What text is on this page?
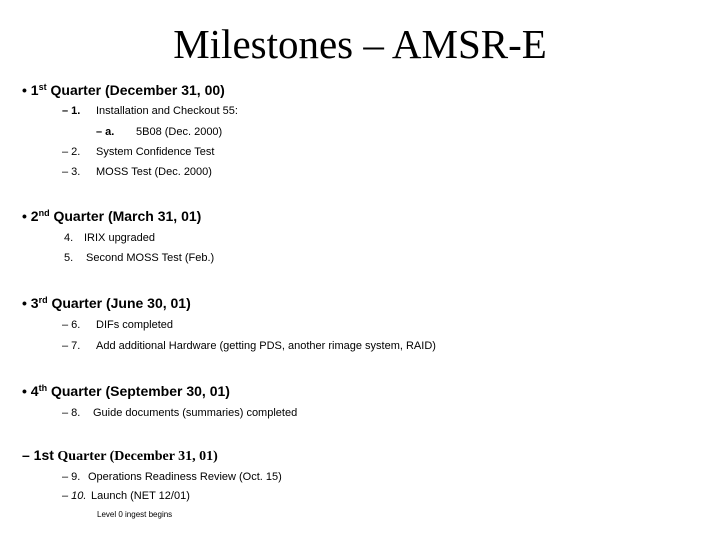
Milestones – AMSR-E
• 1st Quarter (December 31, 00)
– 1. Installation and Checkout 55:
– a. 5B08 (Dec. 2000)
– 2. System Confidence Test
– 3. MOSS Test (Dec. 2000)
• 2nd Quarter (March 31, 01)
4. IRIX upgraded
5. Second MOSS Test (Feb.)
• 3rd Quarter (June 30, 01)
– 6. DIFs completed
– 7. Add additional Hardware (getting PDS, another rimage system, RAID)
• 4th Quarter (September 30, 01)
– 8. Guide documents (summaries) completed
– 1st Quarter (December 31, 01)
– 9. Operations Readiness Review (Oct. 15)
– 10. Launch (NET 12/01)
Level 0 ingest begins
